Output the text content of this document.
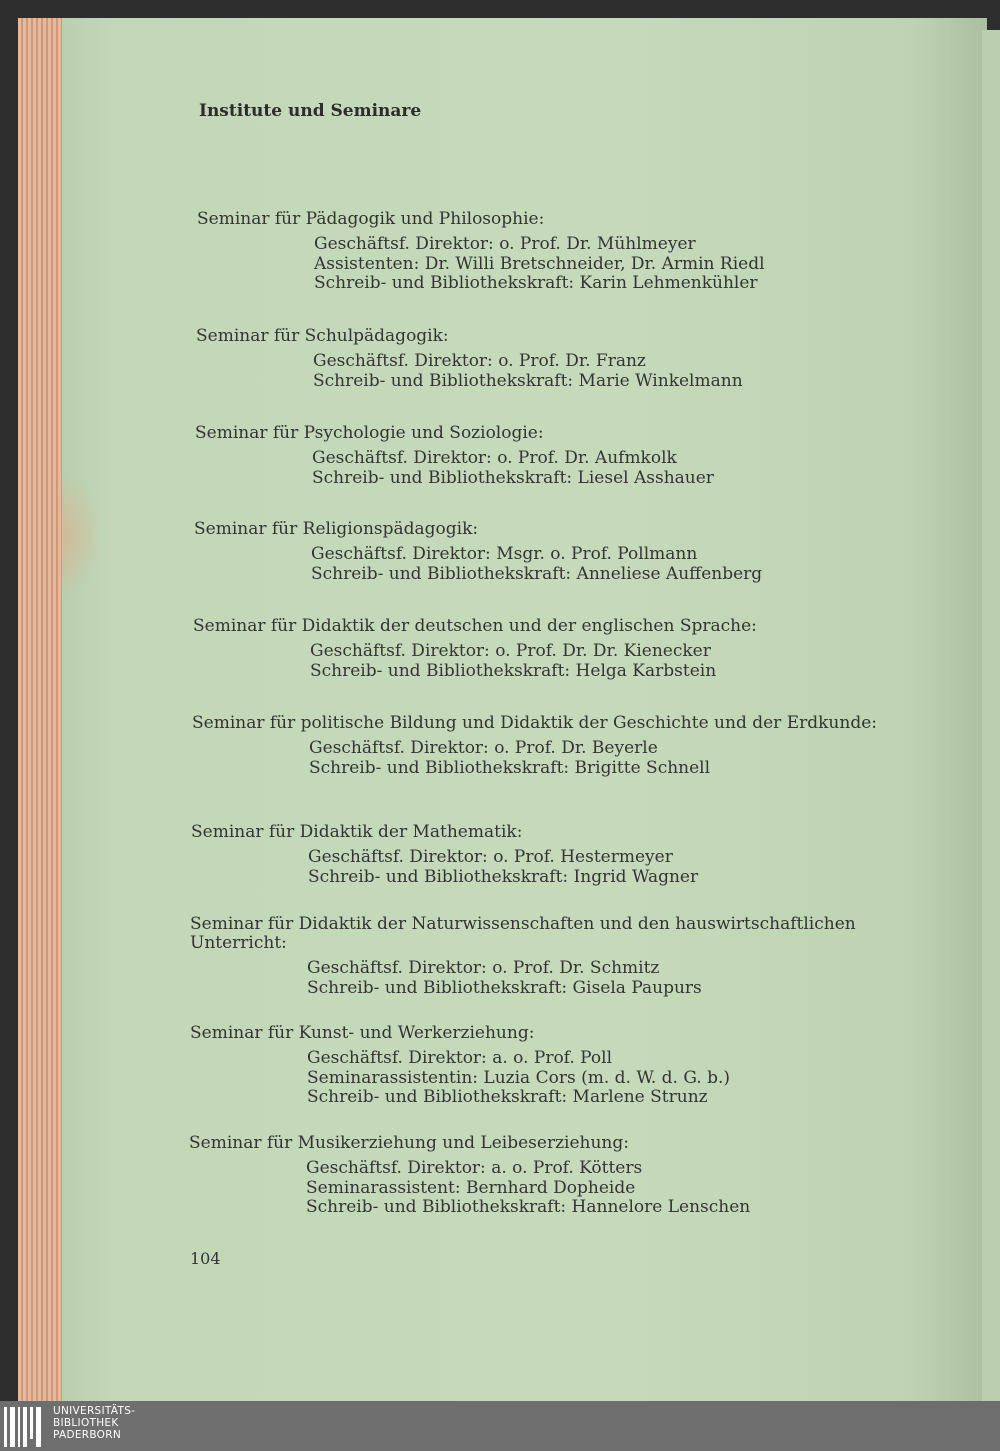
Institute und Seminare
Seminar für Pädagogik und Philosophie:
Geschäftsf. Direktor: o. Prof. Dr. Mühlmeyer
Assistenten: Dr. Willi Bretschneider, Dr. Armin Riedl
Schreib- und Bibliothekskraft: Karin Lehmenkühler
Seminar für Schulpädagogik:
Geschäftsf. Direktor: o. Prof. Dr. Franz
Schreib- und Bibliothekskraft: Marie Winkelmann
Seminar für Psychologie und Soziologie:
Geschäftsf. Direktor: o. Prof. Dr. Aufmkolk
Schreib- und Bibliothekskraft: Liesel Asshauer
Seminar für Religionspädagogik:
Geschäftsf. Direktor: Msgr. o. Prof. Pollmann
Schreib- und Bibliothekskraft: Anneliese Auffenberg
Seminar für Didaktik der deutschen und der englischen Sprache:
Geschäftsf. Direktor: o. Prof. Dr. Dr. Kienecker
Schreib- und Bibliothekskraft: Helga Karbstein
Seminar für politische Bildung und Didaktik der Geschichte und der Erdkunde:
Geschäftsf. Direktor: o. Prof. Dr. Beyerle
Schreib- und Bibliothekskraft: Brigitte Schnell
Seminar für Didaktik der Mathematik:
Geschäftsf. Direktor: o. Prof. Hestermeyer
Schreib- und Bibliothekskraft: Ingrid Wagner
Seminar für Didaktik der Naturwissenschaften und den hauswirtschaftlichen Unterricht:
Geschäftsf. Direktor: o. Prof. Dr. Schmitz
Schreib- und Bibliothekskraft: Gisela Paupurs
Seminar für Kunst- und Werkerziehung:
Geschäftsf. Direktor: a. o. Prof. Poll
Seminarassistentin: Luzia Cors (m. d. W. d. G. b.)
Schreib- und Bibliothekskraft: Marlene Strunz
Seminar für Musikerziehung und Leibeserziehung:
Geschäftsf. Direktor: a. o. Prof. Kötters
Seminarassistent: Bernhard Dopheide
Schreib- und Bibliothekskraft: Hannelore Lenschen
104
UNIVERSITÄTS-
BIBLIOTHEK
PADERBORN
